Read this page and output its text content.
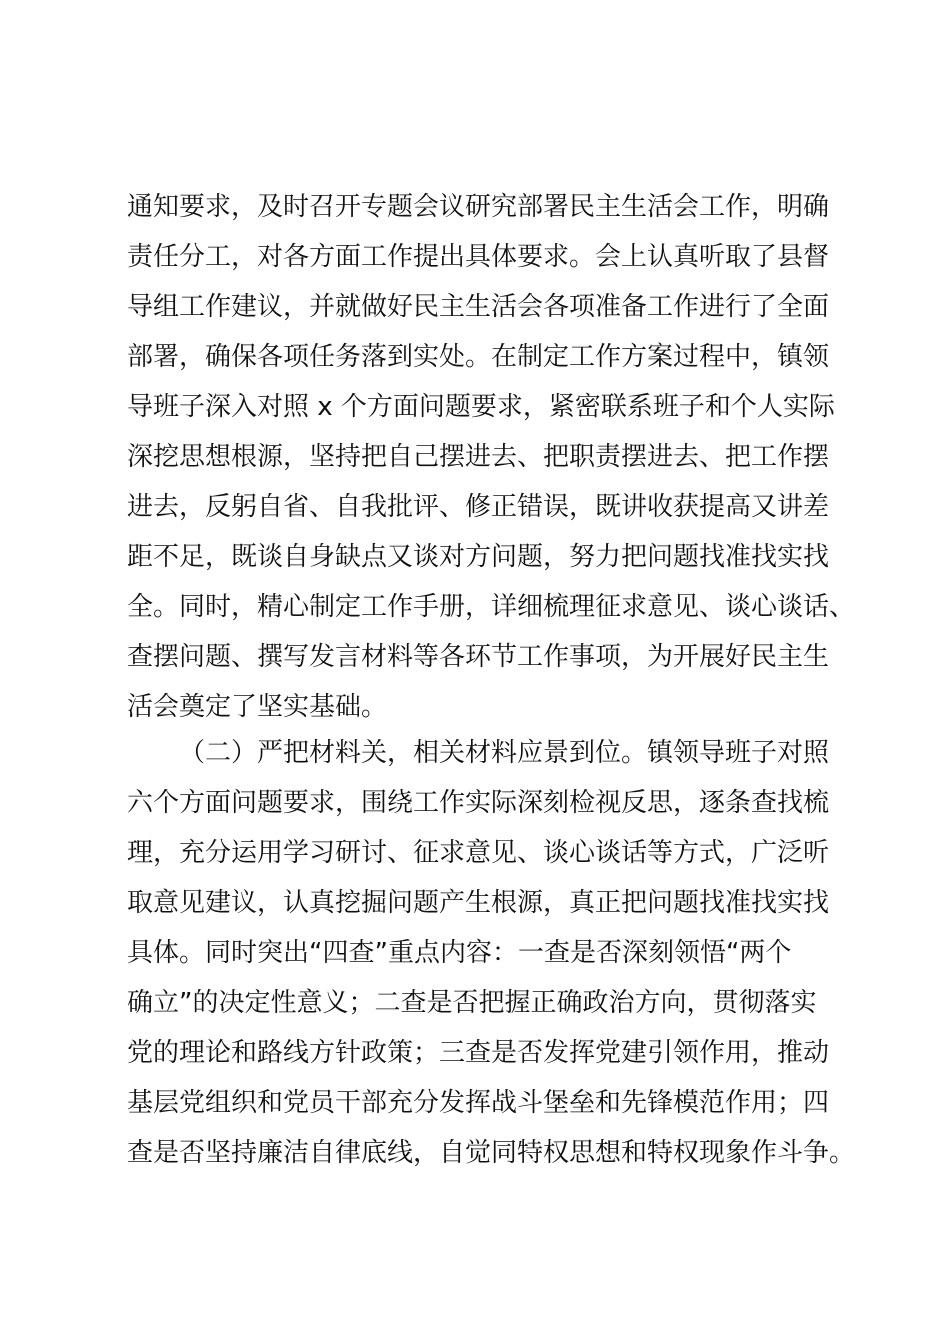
通知要求，及时召开专题会议研究部署民主生活会工作，明确
责任分工，对各方面工作提出具体要求。会上认真听取了县督
导组工作建议，并就做好民主生活会各项准备工作进行了全面
部署，确保各项任务落到实处。在制定工作方案过程中，镇领
导班子深入对照 x 个方面问题要求，紧密联系班子和个人实际
深挖思想根源，坚持把自己摆进去、把职责摆进去、把工作摆
进去，反躬自省、自我批评、修正错误，既讲收获提高又讲差
距不足，既谈自身缺点又谈对方问题，努力把问题找准找实找
全。同时，精心制定工作手册，详细梳理征求意见、谈心谈话、
查摆问题、撰写发言材料等各环节工作事项，为开展好民主生
活会奠定了坚实基础。
（二）严把材料关，相关材料应景到位。镇领导班子对照
六个方面问题要求，围绕工作实际深刻检视反思，逐条查找梳
理，充分运用学习研讨、征求意见、谈心谈话等方式，广泛听
取意见建议，认真挖掘问题产生根源，真正把问题找准找实找
具体。同时突出“四查”重点内容：一查是否深刻领悟“两个
确立”的决定性意义；二查是否把握正确政治方向，贯彻落实
党的理论和路线方针政策；三查是否发挥党建引领作用，推动
基层党组织和党员干部充分发挥战斗堡垒和先锋模范作用；四
查是否坚持廉洁自律底线，自觉同特权思想和特权现象作斗争。
